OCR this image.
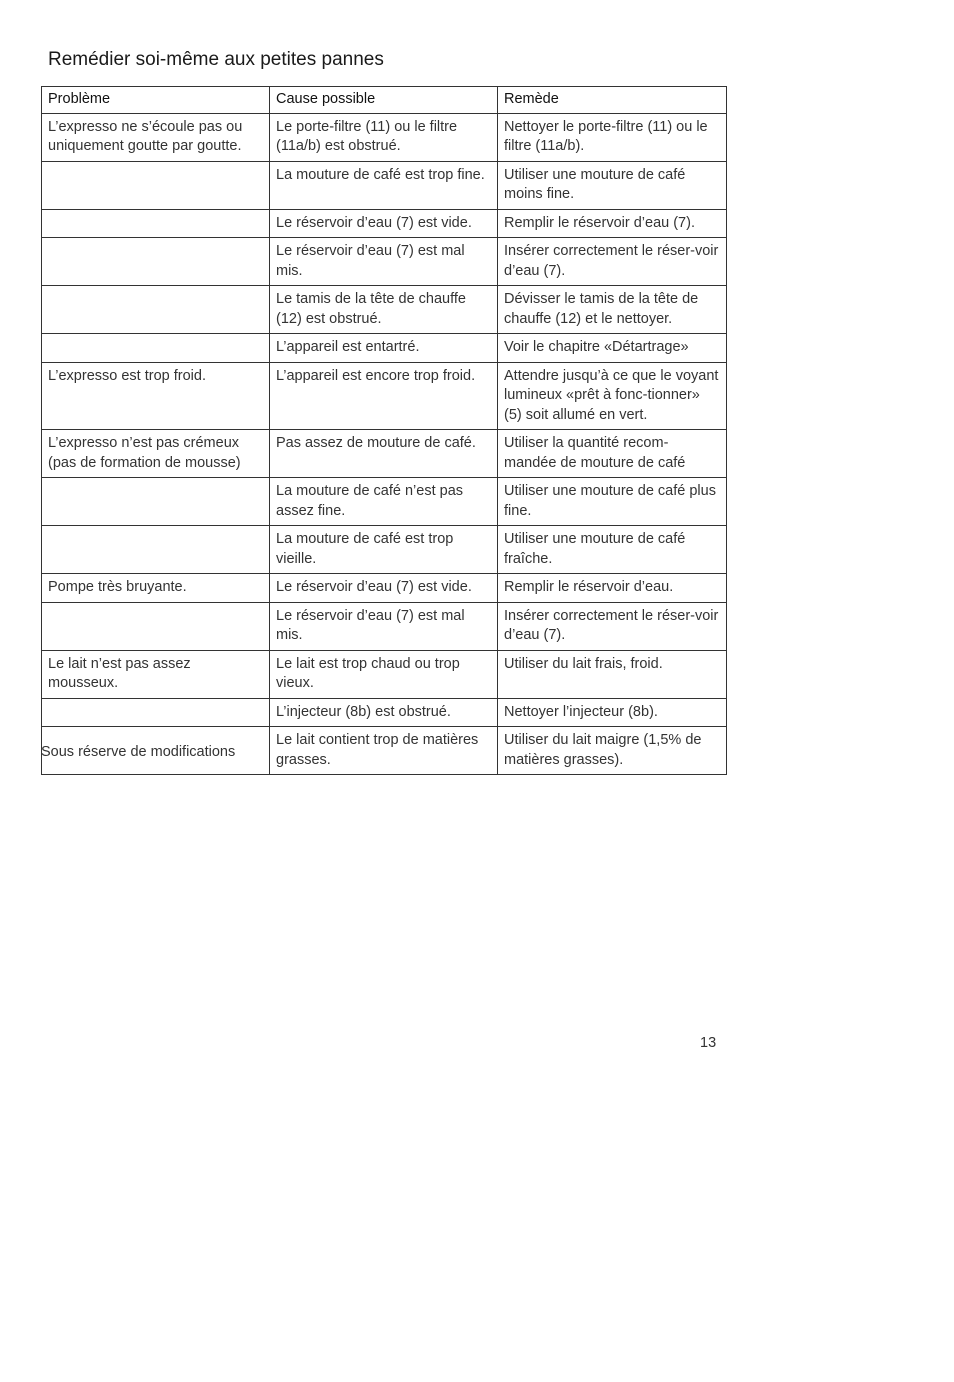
Remédier soi-même aux petites pannes
Problème	Cause possible	Remède
L’expresso ne s’écoule pas ou uniquement goutte par goutte.	Le porte-filtre (11) ou le filtre (11a/b) est obstrué.	Nettoyer le porte-filtre (11) ou le filtre (11a/b).
	La mouture de café est trop fine.	Utiliser une mouture de café moins fine.
	Le réservoir d’eau (7) est vide.	Remplir le réservoir d’eau (7).
	Le réservoir d’eau (7) est mal mis.	Insérer correctement le réser-voir d’eau (7).
	Le tamis de la tête de chauffe (12) est obstrué.	Dévisser le tamis de la tête de chauffe (12) et le nettoyer.
	L’appareil est entartré.	Voir le chapitre «Détartrage»
L’expresso est trop froid.	L’appareil est encore trop froid.	Attendre jusqu’à ce que le voyant lumineux «prêt à fonc-tionner» (5) soit allumé en vert.
L’expresso n’est pas crémeux (pas de formation de mousse)	Pas assez de mouture de café.	Utiliser la quantité recom-mandée de mouture de café
	La mouture de café n’est pas assez fine.	Utiliser une mouture de café plus fine.
	La mouture de café est trop vieille.	Utiliser une mouture de café fraîche.
Pompe très bruyante.	Le réservoir d’eau (7) est vide.	Remplir le réservoir d’eau.
	Le réservoir d’eau (7) est mal mis.	Insérer correctement le réser-voir d’eau (7).
Le lait n’est pas assez mousseux.	Le lait est trop chaud ou trop vieux.	Utiliser du lait frais, froid.
	L’injecteur (8b) est obstrué.	Nettoyer l’injecteur (8b).
	Le lait contient trop de matières grasses.	Utiliser du lait maigre (1,5% de matières grasses).
Sous réserve de modifications
13
